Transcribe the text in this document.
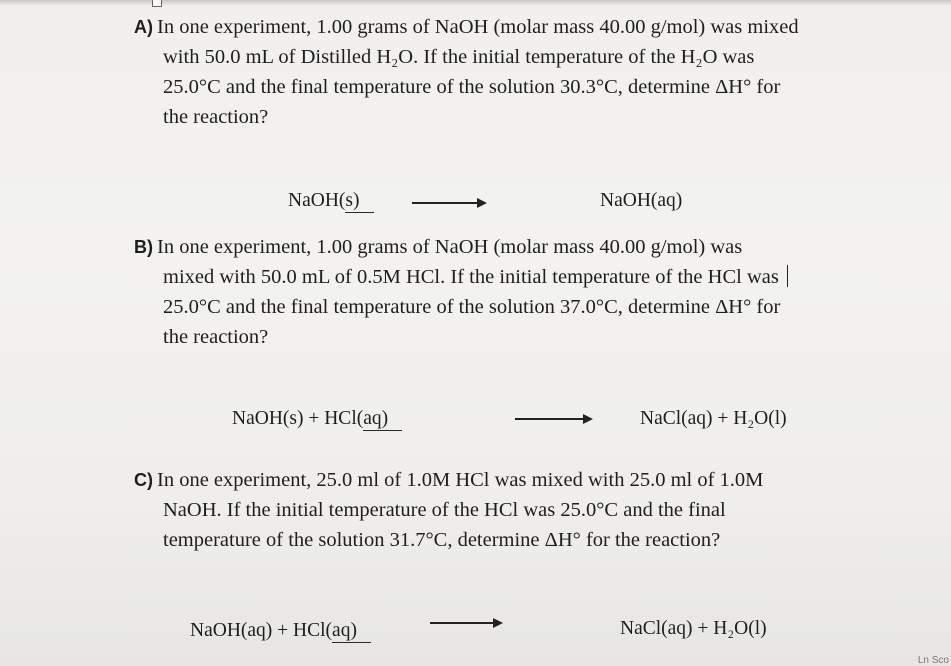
A) In one experiment, 1.00 grams of NaOH (molar mass 40.00 g/mol) was mixed
with 50.0 mL of Distilled H₂O. If the initial temperature of the H₂O was
25.0°C and the final temperature of the solution 30.3°C, determine ΔH° for
the reaction?
NaOH(s)	NaOH(aq)
B) In one experiment, 1.00 grams of NaOH (molar mass 40.00 g/mol) was
mixed with 50.0 mL of 0.5M HCl. If the initial temperature of the HCl was
25.0°C and the final temperature of the solution 37.0°C, determine ΔH° for
the reaction?
NaOH(s) + HCl(aq)	NaCl(aq) + H₂O(l)
C) In one experiment, 25.0 ml of 1.0M HCl was mixed with 25.0 ml of 1.0M
NaOH. If the initial temperature of the HCl was 25.0°C and the final
temperature of the solution 31.7°C, determine ΔH° for the reaction?
NaOH(aq) + HCl(aq)	NaCl(aq) + H₂O(l)
Ln Sco
